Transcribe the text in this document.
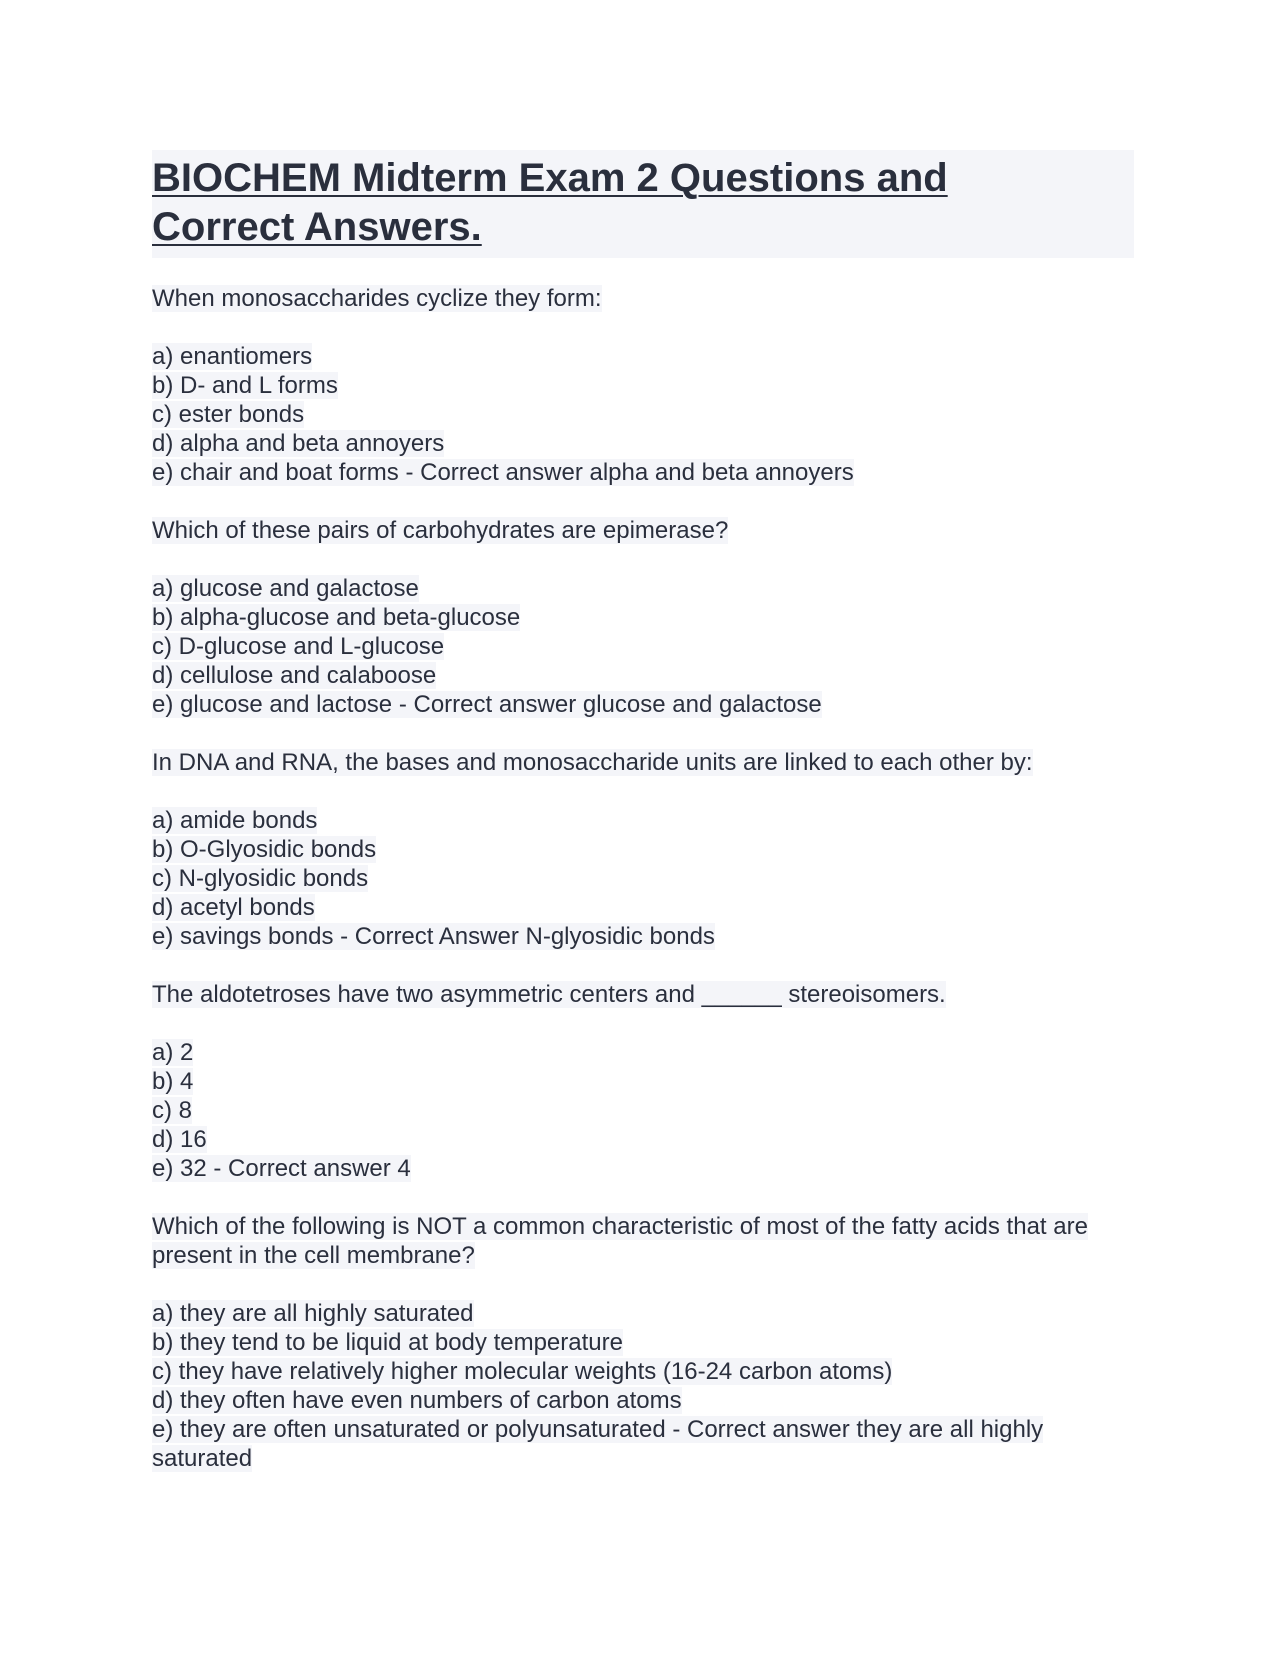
BIOCHEM Midterm Exam 2 Questions and
Correct Answers.
When monosaccharides cyclize they form:
a) enantiomers
b) D- and L forms
c) ester bonds
d) alpha and beta annoyers
e) chair and boat forms - Correct answer alpha and beta annoyers
Which of these pairs of carbohydrates are epimerase?
a) glucose and galactose
b) alpha-glucose and beta-glucose
c) D-glucose and L-glucose
d) cellulose and calaboose
e) glucose and lactose - Correct answer glucose and galactose
In DNA and RNA, the bases and monosaccharide units are linked to each other by:
a) amide bonds
b) O-Glyosidic bonds
c) N-glyosidic bonds
d) acetyl bonds
e) savings bonds - Correct Answer N-glyosidic bonds
The aldotetroses have two asymmetric centers and ______ stereoisomers.
a) 2
b) 4
c) 8
d) 16
e) 32 - Correct answer 4
Which of the following is NOT a common characteristic of most of the fatty acids that are present in the cell membrane?
a) they are all highly saturated
b) they tend to be liquid at body temperature
c) they have relatively higher molecular weights (16-24 carbon atoms)
d) they often have even numbers of carbon atoms
e) they are often unsaturated or polyunsaturated - Correct answer they are all highly saturated
